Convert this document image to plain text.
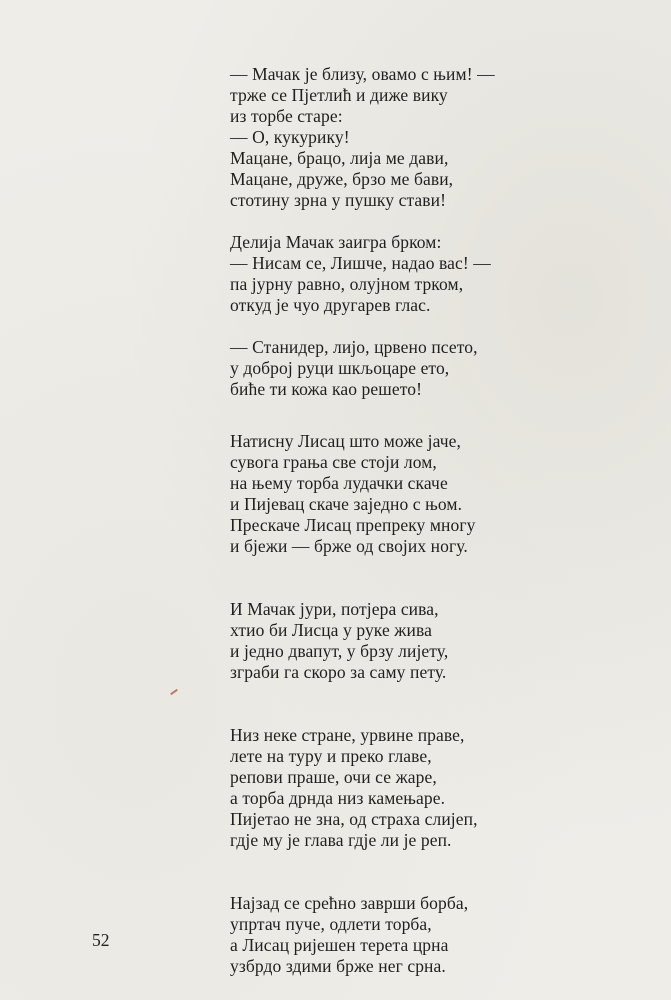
— Мачак је близу, овамо с њим! —
трже се Пјетлић и диже вику
из торбе старе:
— О, кукурику!
Мацане, брацо, лија ме дави,
Мацане, друже, брзо ме бави,
стотину зрна у пушку стави!
Делија Мачак заигра брком:
— Нисам се, Лишче, надао вас! —
па јурну равно, олујном трком,
откуд је чуо другарев глас.
— Станидер, лијо, црвено псето,
у доброј руци шкљоцаре ето,
биће ти кожа као решето!
Натисну Лисац што може јаче,
сувога грања све стоји лом,
на њему торба лудачки скаче
и Пијевац скаче заједно с њом.
Прескаче Лисац препреку многу
и бјежи — брже од својих ногу.
И Мачак јури, потјера сива,
хтио би Лисца у руке жива
и једно двапут, у брзу лијету,
зграби га скоро за саму пету.
Низ неке стране, урвине праве,
лете на туру и преко главе,
репови праше, очи се жаре,
а торба дрнда низ камењаре.
Пијетао не зна, од страха слијеп,
гдје му је глава гдје ли је реп.
Најзад се срећно заврши борба,
упртач пуче, одлети торба,
а Лисац ријешен терета црна
узбрдо здими брже нег срна.
52
